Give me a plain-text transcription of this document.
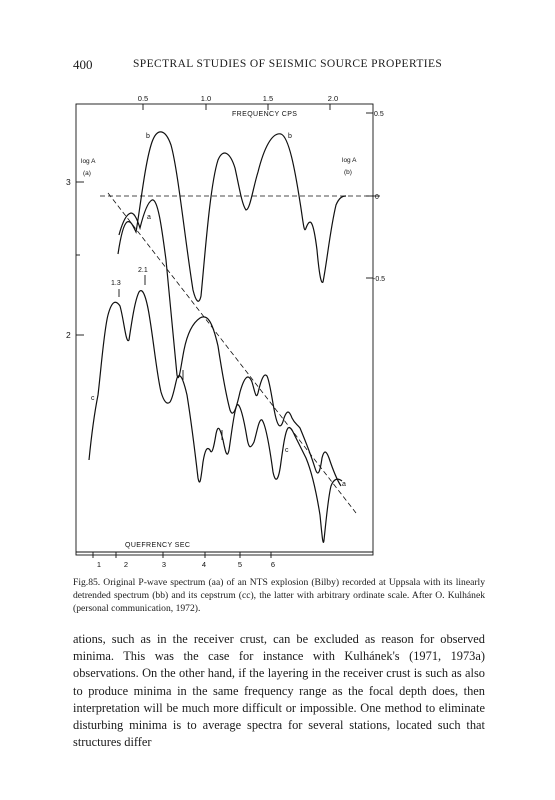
400	SPECTRAL STUDIES OF SEISMIC SOURCE PROPERTIES
0.5	1.0	1.5	2.0
FREQUENCY CPS
QUEFRENCY SEC
1	2	3	4	5	6
3
2
log A
(a)
0.5
0
-0.5
log A
(b)
1.3
2.1
b	b
a
a
c
c
Fig.85. Original P-wave spectrum (aa) of an NTS explosion (Bilby) recorded at Uppsala with its linearly detrended spectrum (bb) and its cepstrum (cc), the latter with arbitrary ordinate scale. After O. Kulhánek (personal communication, 1972).

ations, such as in the receiver crust, can be excluded as reason for observed minima. This was the case for instance with Kulhánek's (1971, 1973a) observations. On the other hand, if the layering in the receiver crust is such as also to produce minima in the same frequency range as the focal depth does, then interpretation will be much more difficult or impossible. One method to eliminate disturbing minima is to average spectra for several stations, located such that structures differ
